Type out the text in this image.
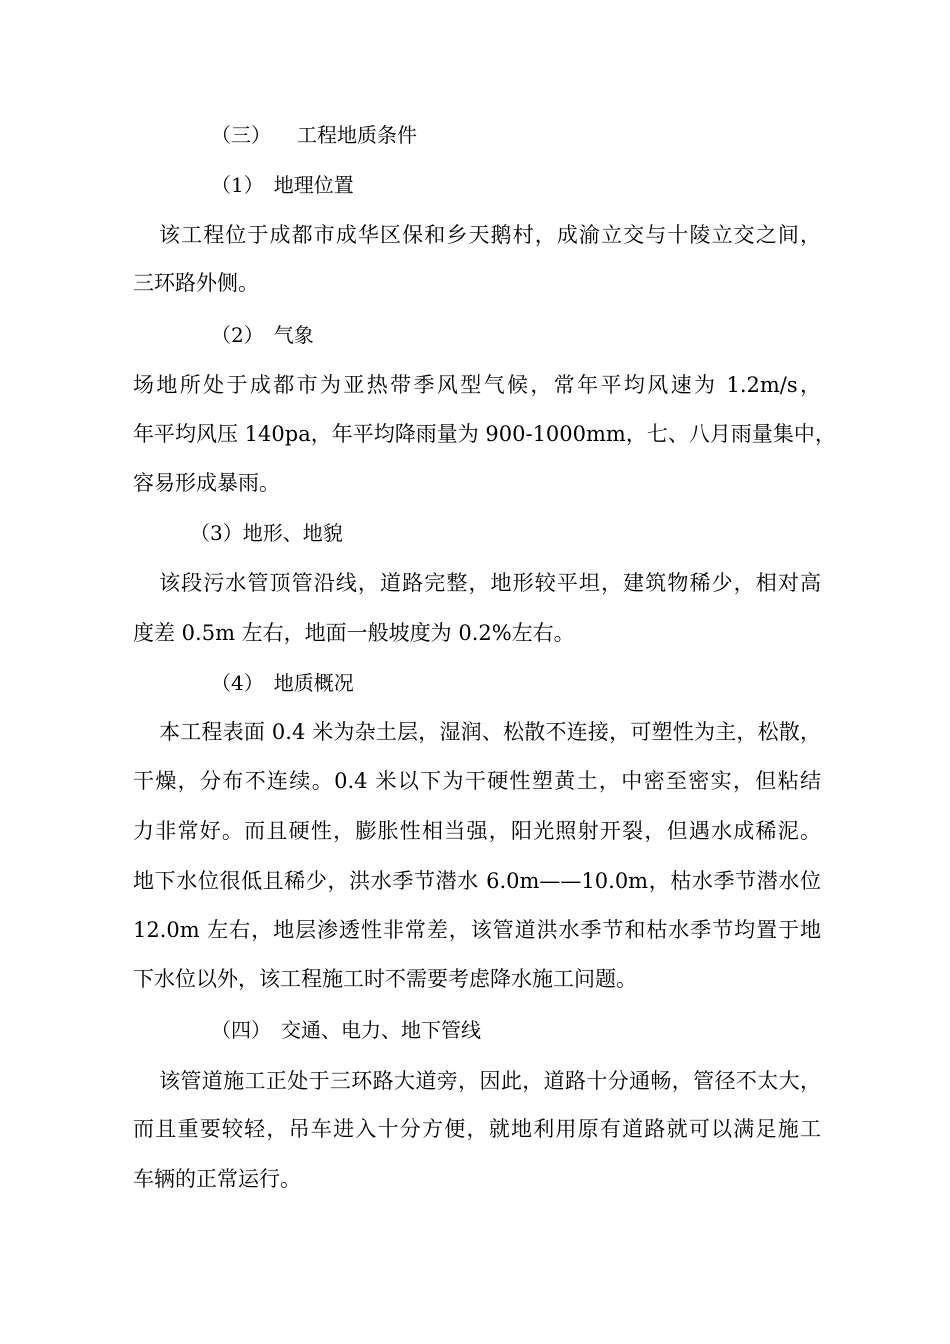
（三） 工程地质条件
（1） 地理位置
该工程位于成都市成华区保和乡天鹅村，成渝立交与十陵立交之间，
三环路外侧。
（2） 气象
场地所处于成都市为亚热带季风型气候，常年平均风速为 1.2m/s，
年平均风压 140pa，年平均降雨量为 900-1000mm，七、八月雨量集中，
容易形成暴雨。
（3）地形、地貌
该段污水管顶管沿线，道路完整，地形较平坦，建筑物稀少，相对高
度差 0.5m 左右，地面一般坡度为 0.2%左右。
（4） 地质概况
本工程表面 0.4 米为杂土层，湿润、松散不连接，可塑性为主，松散，
干燥，分布不连续。0.4 米以下为干硬性塑黄土，中密至密实，但粘结
力非常好。而且硬性，膨胀性相当强，阳光照射开裂，但遇水成稀泥。
地下水位很低且稀少，洪水季节潜水 6.0m——10.0m，枯水季节潜水位
12.0m 左右，地层渗透性非常差，该管道洪水季节和枯水季节均置于地
下水位以外，该工程施工时不需要考虑降水施工问题。
（四） 交通、电力、地下管线
该管道施工正处于三环路大道旁，因此，道路十分通畅，管径不太大，
而且重要较轻，吊车进入十分方便，就地利用原有道路就可以满足施工
车辆的正常运行。
